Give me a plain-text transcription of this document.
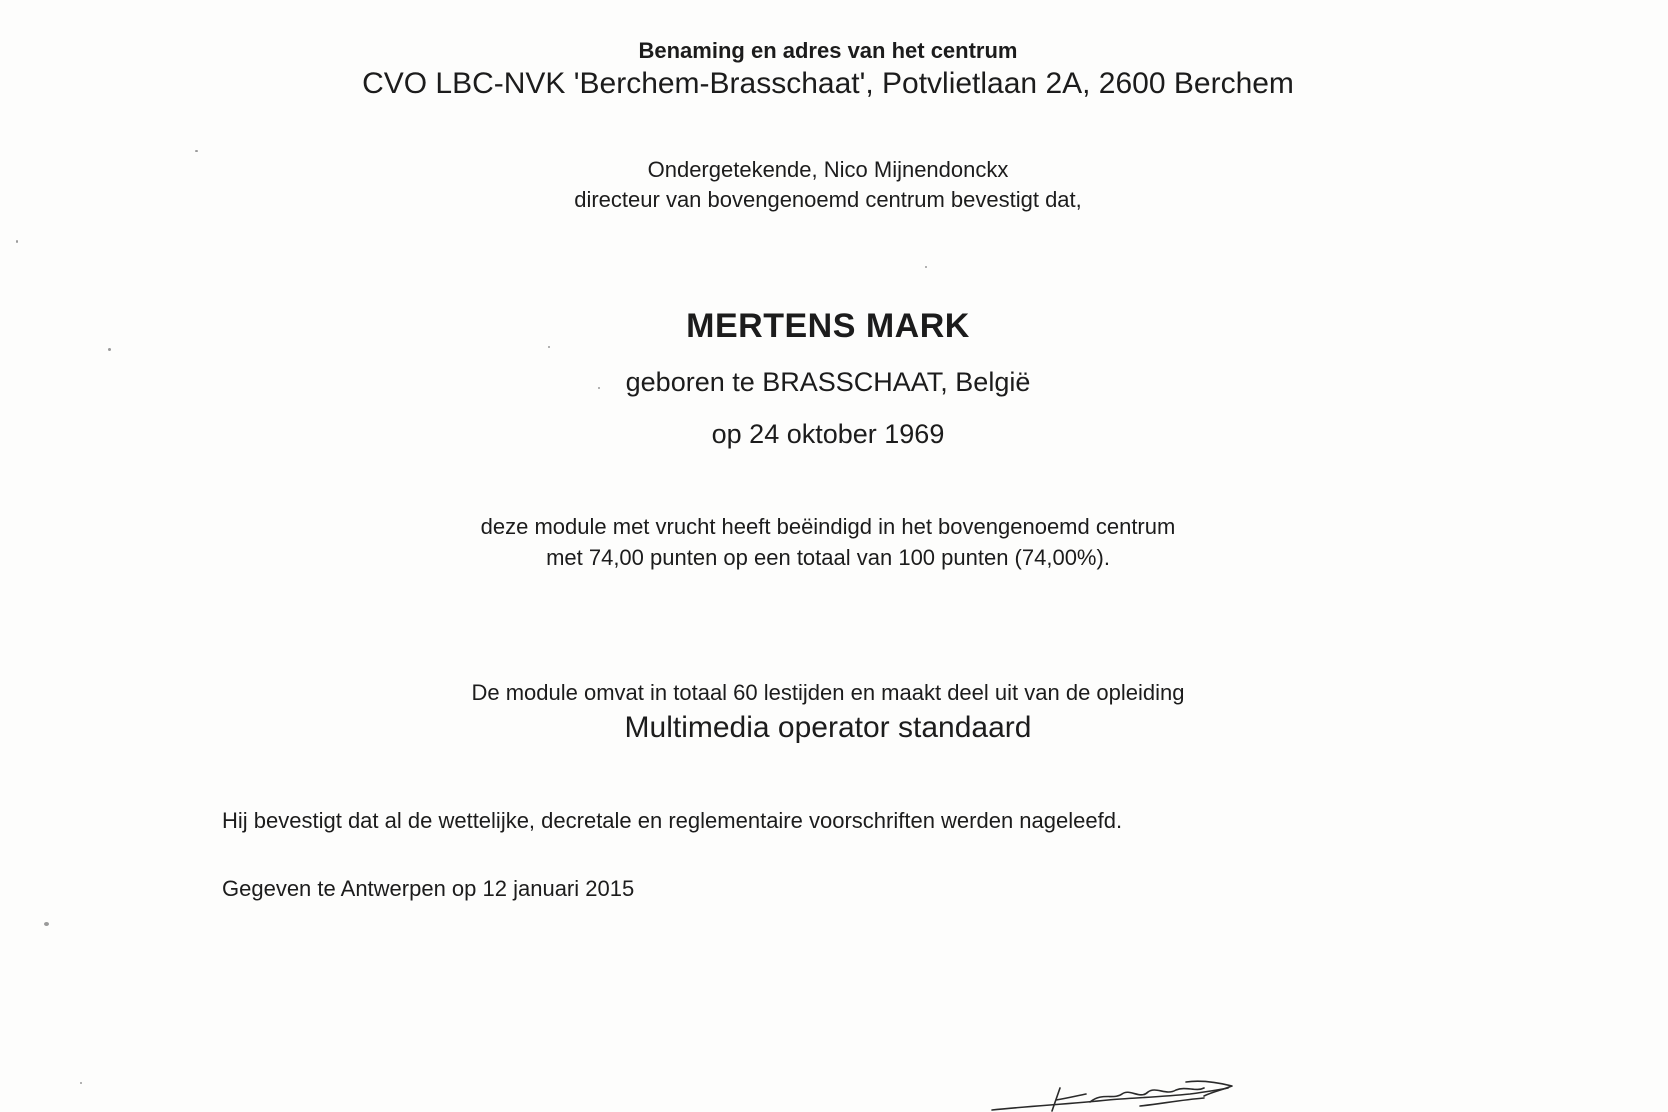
Benaming en adres van het centrum
CVO LBC-NVK 'Berchem-Brasschaat', Potvlietlaan 2A, 2600 Berchem
Ondergetekende, Nico Mijnendonckx
directeur van bovengenoemd centrum bevestigt dat,
MERTENS MARK
geboren te BRASSCHAAT, België
op 24 oktober 1969
deze module met vrucht heeft beëindigd in het bovengenoemd centrum
met 74,00 punten op een totaal van 100 punten (74,00%).
De module omvat in totaal 60 lestijden en maakt deel uit van de opleiding
Multimedia operator standaard
Hij bevestigt dat al de wettelijke, decretale en reglementaire voorschriften werden nageleefd.
Gegeven te Antwerpen op 12 januari 2015
